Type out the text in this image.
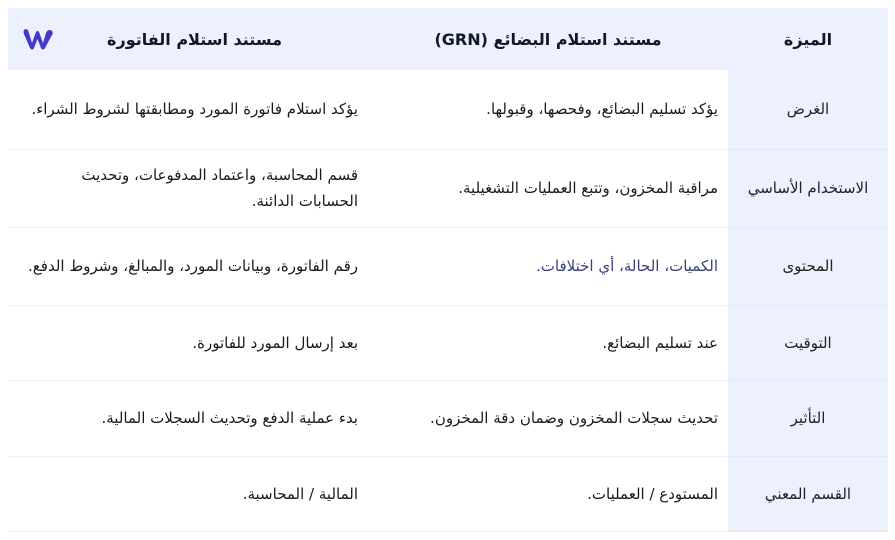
الميزة	مستند استلام البضائع (GRN)	مستند استلام الفاتورة

الغرض	يؤكد تسليم البضائع، وفحصها، وقبولها.	يؤكد استلام فاتورة المورد ومطابقتها لشروط الشراء.
الاستخدام الأساسي	مراقبة المخزون، وتتبع العمليات التشغيلية.	قسم المحاسبة، واعتماد المدفوعات، وتحديث الحسابات الدائنة.
المحتوى	الكميات، الحالة، أي اختلافات.	رقم الفاتورة، وبيانات المورد، والمبالغ، وشروط الدفع.
التوقيت	عند تسليم البضائع.	بعد إرسال المورد للفاتورة.
التأثير	تحديث سجلات المخزون وضمان دقة المخزون.	بدء عملية الدفع وتحديث السجلات المالية.
القسم المعني	المستودع / العمليات.	المالية / المحاسبة.
